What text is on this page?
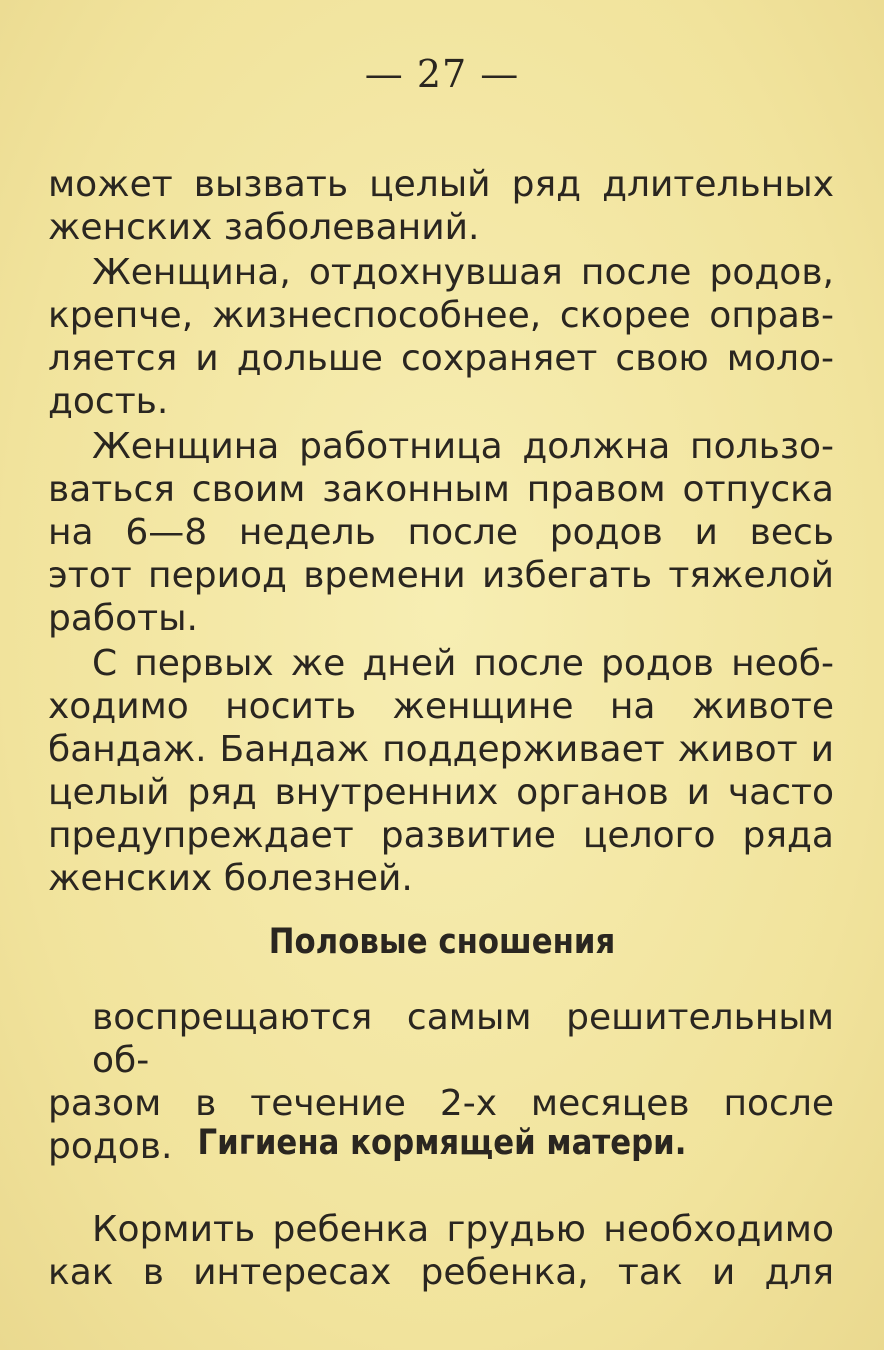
— 27 —
может вызвать целый ряд длительных
женских заболеваний.
Женщина, отдохнувшая после родов,
крепче, жизнеспособнее, скорее оправ-
ляется и дольше сохраняет свою моло-
дость.
Женщина работница должна пользо-
ваться своим законным правом отпуска
на 6—8 недель после родов и весь
этот период времени избегать тяжелой
работы.
С первых же дней после родов необ-
ходимо носить женщине на животе
бандаж. Бандаж поддерживает живот и
целый ряд внутренних органов и часто
предупреждает развитие целого ряда
женских болезней.
Половые сношения
воспрещаются самым решительным об-
разом в течение 2-х месяцев после родов. Гигиена кормящей матери.
Кормить ребенка грудью необходимо
как в интересах ребенка, так и для
